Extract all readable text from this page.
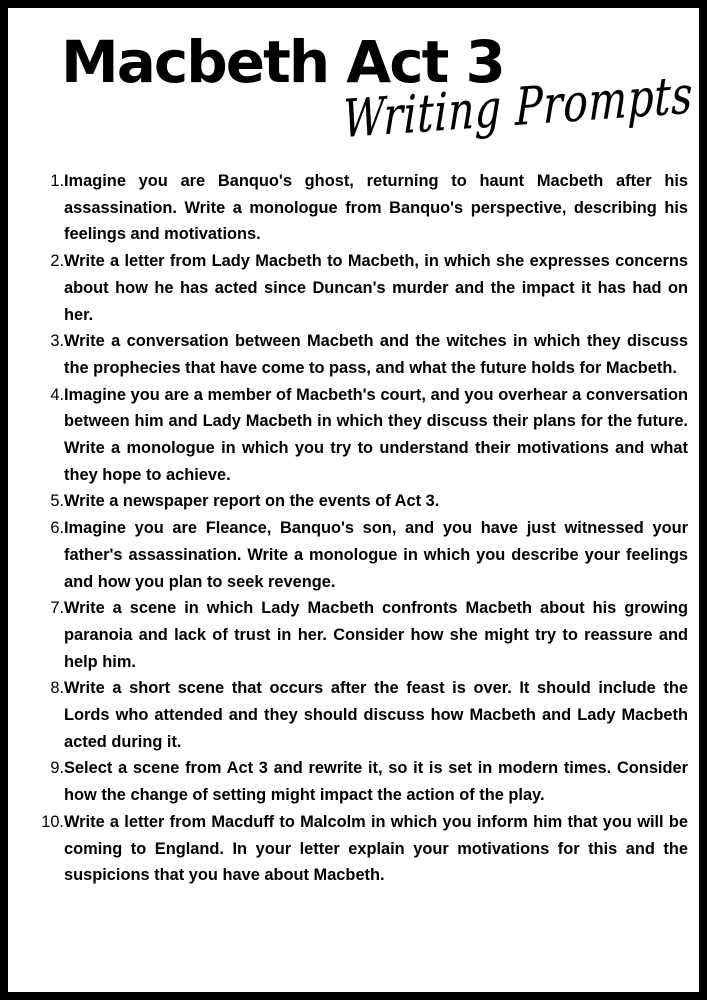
Macbeth Act 3
Writing Prompts
1. Imagine you are Banquo's ghost, returning to haunt Macbeth after his assassination. Write a monologue from Banquo's perspective, describing his feelings and motivations.
2. Write a letter from Lady Macbeth to Macbeth, in which she expresses concerns about how he has acted since Duncan's murder and the impact it has had on her.
3. Write a conversation between Macbeth and the witches in which they discuss the prophecies that have come to pass, and what the future holds for Macbeth.
4. Imagine you are a member of Macbeth's court, and you overhear a conversation between him and Lady Macbeth in which they discuss their plans for the future. Write a monologue in which you try to understand their motivations and what they hope to achieve.
5. Write a newspaper report on the events of Act 3.
6. Imagine you are Fleance, Banquo's son, and you have just witnessed your father's assassination. Write a monologue in which you describe your feelings and how you plan to seek revenge.
7. Write a scene in which Lady Macbeth confronts Macbeth about his growing paranoia and lack of trust in her. Consider how she might try to reassure and help him.
8. Write a short scene that occurs after the feast is over. It should include the Lords who attended and they should discuss how Macbeth and Lady Macbeth acted during it.
9. Select a scene from Act 3 and rewrite it, so it is set in modern times. Consider how the change of setting might impact the action of the play.
10. Write a letter from Macduff to Malcolm in which you inform him that you will be coming to England. In your letter explain your motivations for this and the suspicions that you have about Macbeth.
